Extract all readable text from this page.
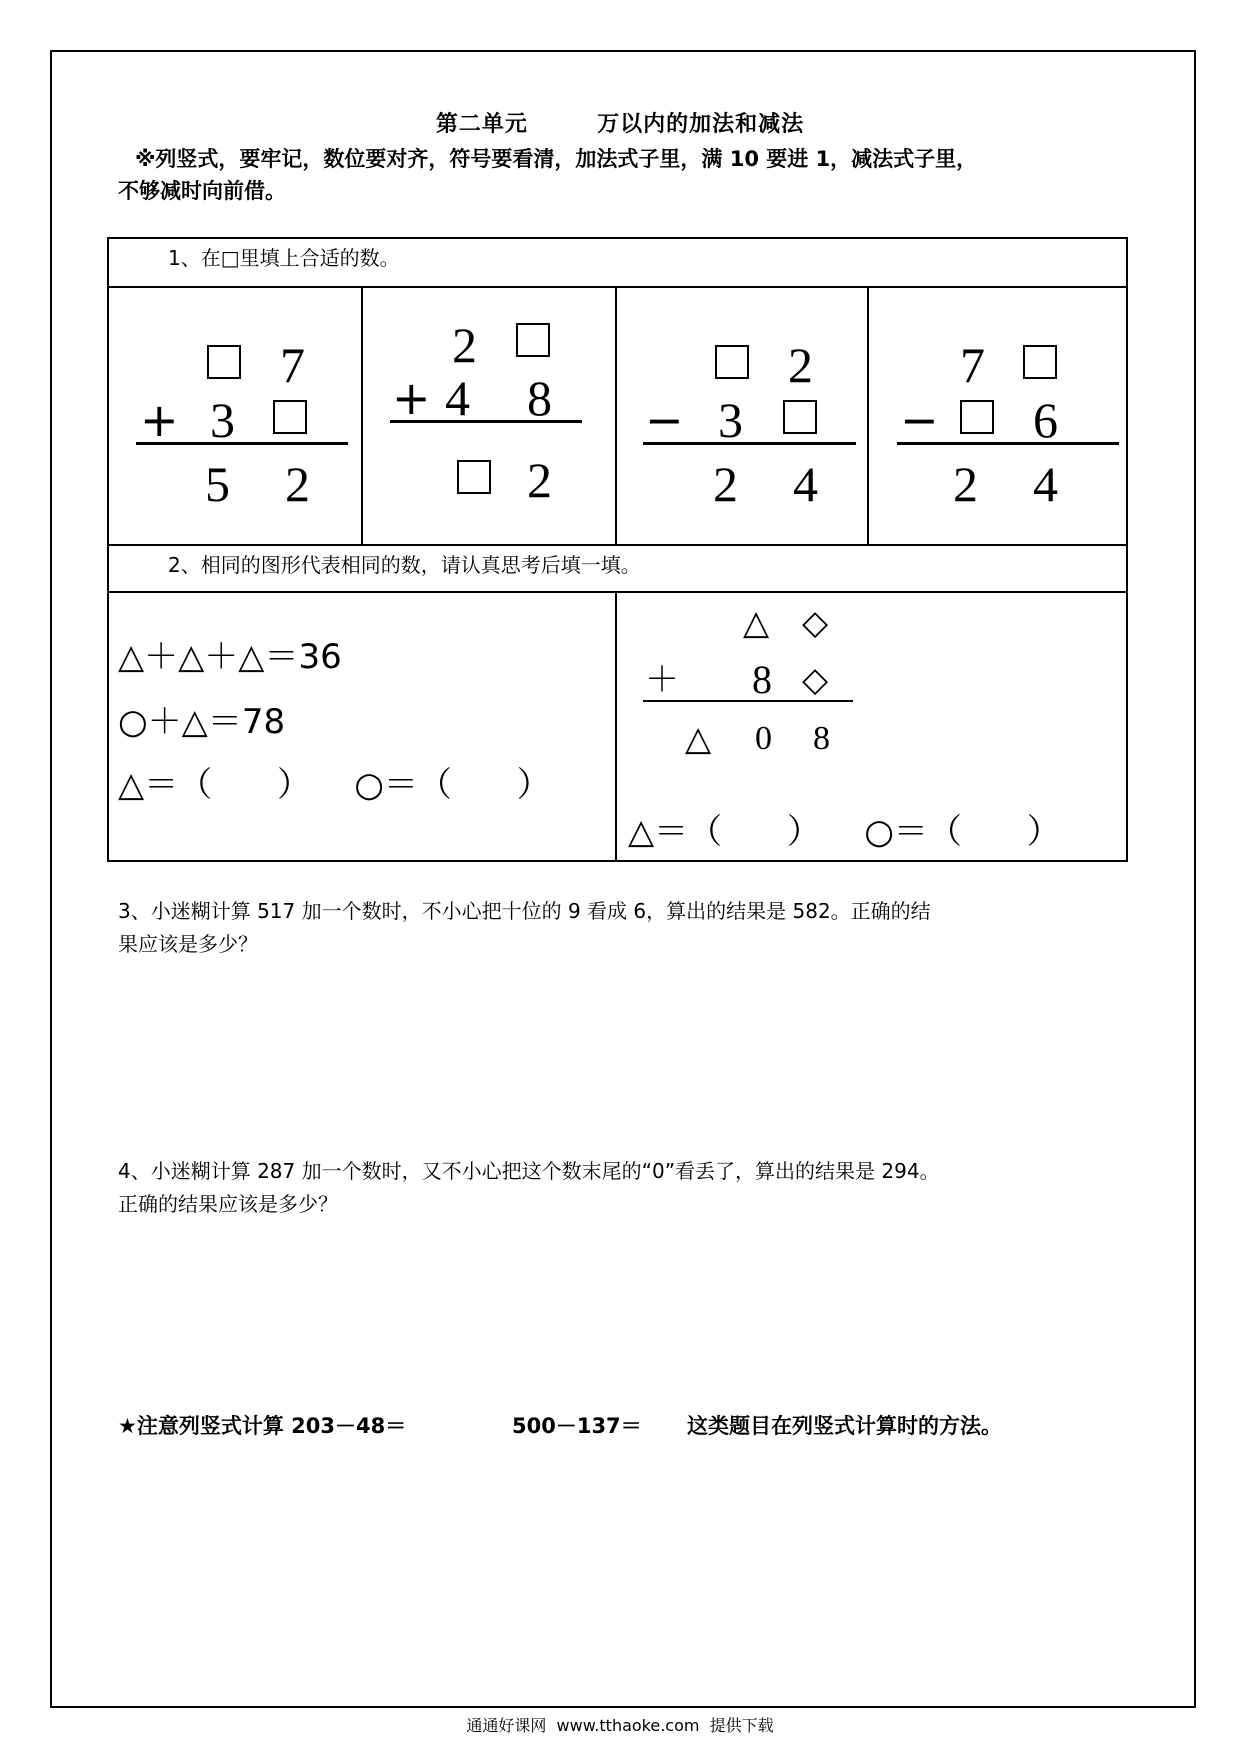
第二单元        万以内的加法和减法
※列竖式，要牢记，数位要对齐，符号要看清，加法式子里，满 10 要进 1，减法式子里，
不够减时向前借。
1、在□里填上合适的数。
7
+ 3
5 2
2
+ 4 8
2
2
− 3
2 4
7
− 6
2 4
2、相同的图形代表相同的数，请认真思考后填一填。
△＋△＋△＝36
○＋△＝78
△＝（      ）    ○＝（      ）
△ ◇
＋ 8 ◇
△ 0 8
△＝（      ）    ○＝（      ）
3、小迷糊计算 517 加一个数时，不小心把十位的 9 看成 6，算出的结果是 582。正确的结
果应该是多少？
4、小迷糊计算 287 加一个数时，又不小心把这个数末尾的“0”看丢了，算出的结果是 294。
正确的结果应该是多少？
★注意列竖式计算 203－48＝	500－137＝ 这类题目在列竖式计算时的方法。
通通好课网  www.tthaoke.com  提供下载
